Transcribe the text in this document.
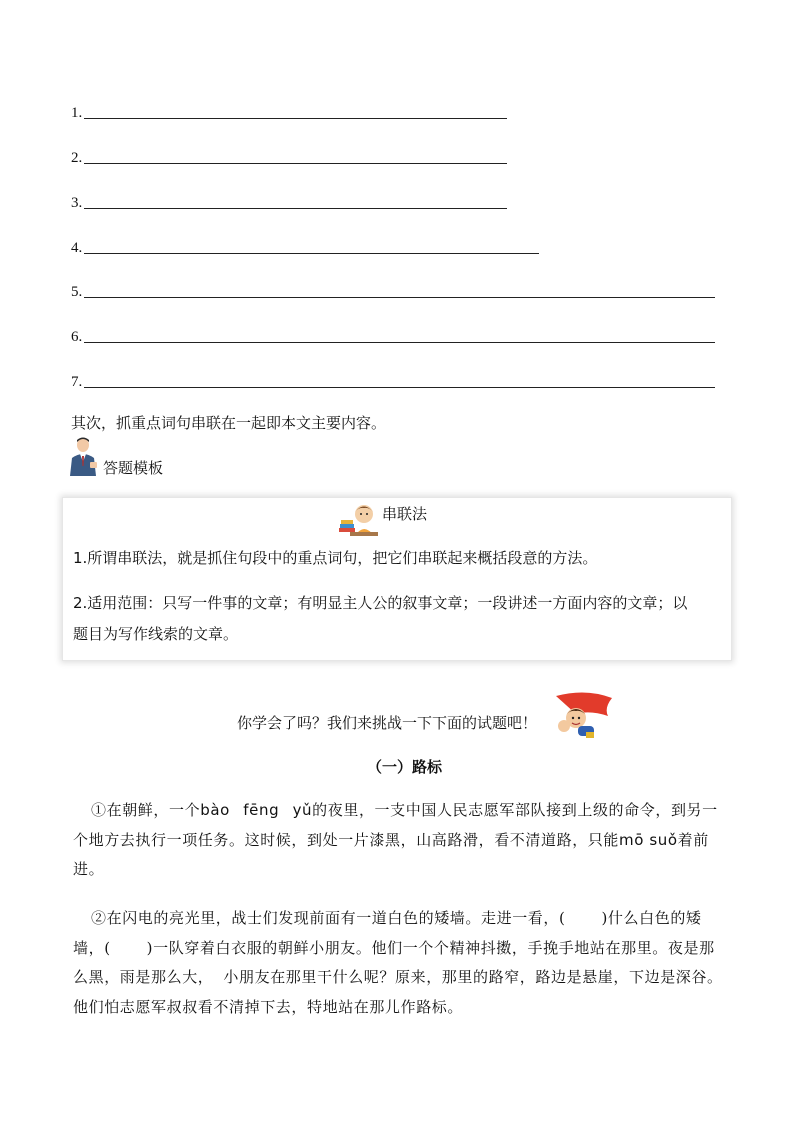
1.
2.
3.
4.
5.
6.
7.
其次，抓重点词句串联在一起即本文主要内容。
答题模板
串联法
1.所谓串联法，就是抓住句段中的重点词句，把它们串联起来概括段意的方法。
2.适用范围：只写一件事的文章；有明显主人公的叙事文章；一段讲述一方面内容的文章；以
题目为写作线索的文章。
你学会了吗？我们来挑战一下下面的试题吧！
（一）路标
①在朝鲜，一个bào fēng yǔ的夜里，一支中国人民志愿军部队接到上级的命令，到另一个地方去执行一项任务。这时候，到处一片漆黑，山高路滑，看不清道路，只能mō suǒ着前进。
②在闪电的亮光里，战士们发现前面有一道白色的矮墙。走进一看，( )什么白色的矮墙，( )一队穿着白衣服的朝鲜小朋友。他们一个个精神抖擞，手挽手地站在那里。夜是那么黑，雨是那么大， 小朋友在那里干什么呢？原来，那里的路窄，路边是悬崖，下边是深谷。他们怕志愿军叔叔看不清掉下去，特地站在那儿作路标。
